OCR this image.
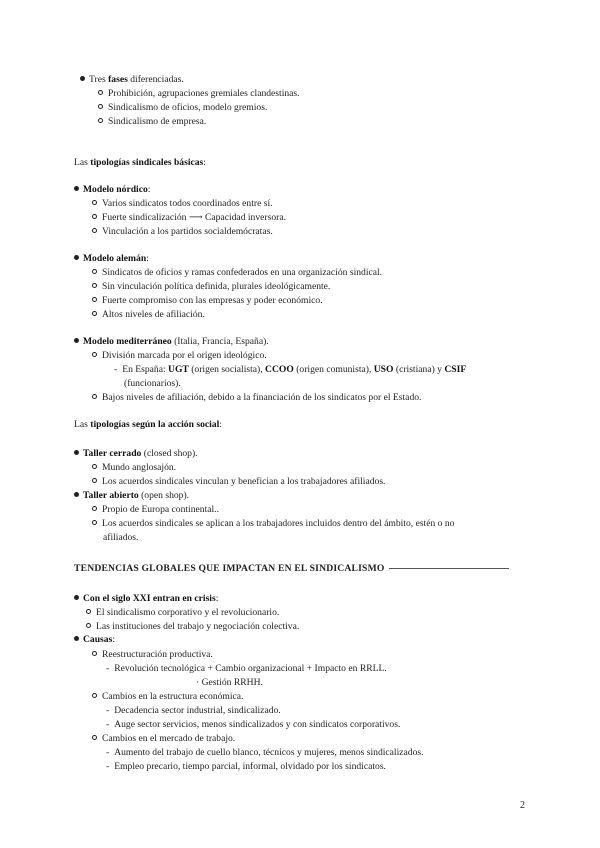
Tres fases diferenciadas.
Prohibición, agrupaciones gremiales clandestinas.
Sindicalismo de oficios, modelo gremios.
Sindicalismo de empresa.
Las tipologías sindicales básicas:
Modelo nórdico:
Varios sindicatos todos coordinados entre sí.
Fuerte sindicalización ⟶ Capacidad inversora.
Vinculación a los partidos socialdemócratas.
Modelo alemán:
Sindicatos de oficios y ramas confederados en una organización sindical.
Sin vinculación política definida, plurales ideológicamente.
Fuerte compromiso con las empresas y poder económico.
Altos niveles de afiliación.
Modelo mediterráneo (Italia, Francia, España).
División marcada por el origen ideológico.
- En España: UGT (origen socialista), CCOO (origen comunista), USO (cristiana) y CSIF
(funcionarios).
Bajos niveles de afiliación, debido a la financiación de los sindicatos por el Estado.
Las tipologías según la acción social:
Taller cerrado (closed shop).
Mundo anglosajón.
Los acuerdos sindicales vinculan y benefician a los trabajadores afiliados.
Taller abierto (open shop).
Propio de Europa continental..
Los acuerdos sindicales se aplican a los trabajadores incluidos dentro del ámbito, estén o no
afiliados.
TENDENCIAS GLOBALES QUE IMPACTAN EN EL SINDICALISMO
Con el siglo XXI entran en crisis:
El sindicalismo corporativo y el revolucionario.
Las instituciones del trabajo y negociación colectiva.
Causas:
Reestructuración productiva.
- Revolución tecnológica + Cambio organizacional + Impacto en RRLL.
· Gestión RRHH.
Cambios en la estructura económica.
- Decadencia sector industrial, sindicalizado.
- Auge sector servicios, menos sindicalizados y con sindicatos corporativos.
Cambios en el mercado de trabajo.
- Aumento del trabajo de cuello blanco, técnicos y mujeres, menos sindicalizados.
- Empleo precario, tiempo parcial, informal, olvidado por los sindicatos.
2
